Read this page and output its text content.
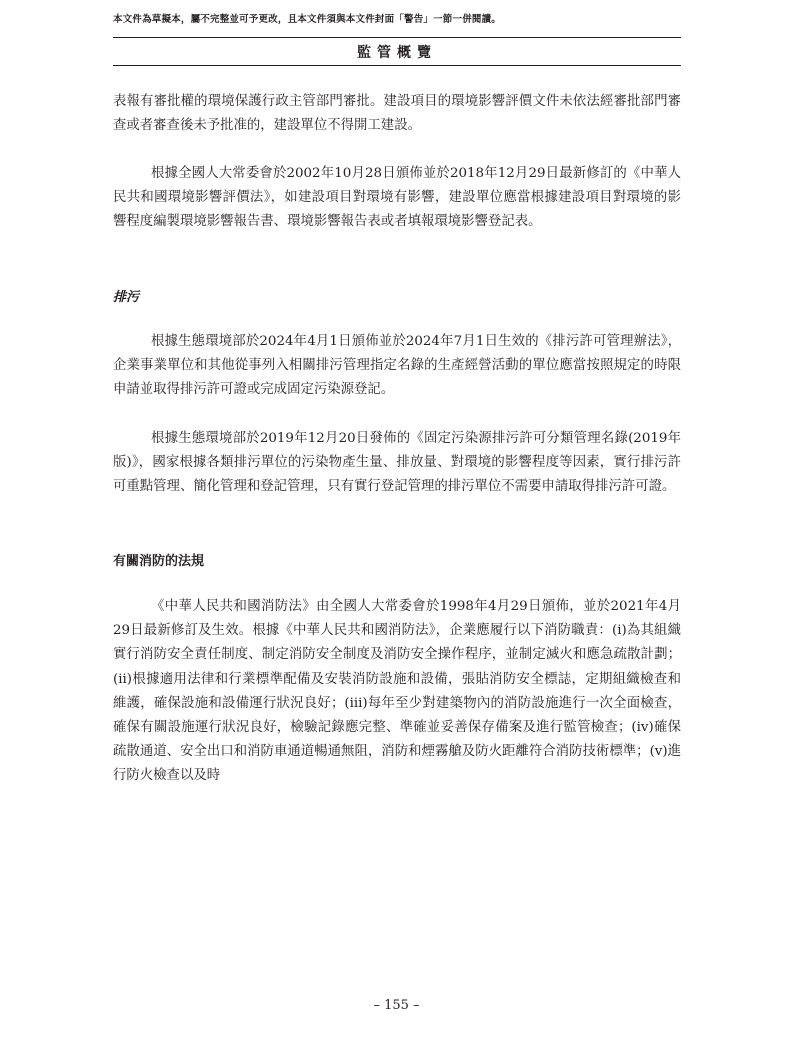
本文件為草擬本，屬不完整並可予更改，且本文件須與本文件封面「警告」一節一併閱讀。
監管概覽
表報有審批權的環境保護行政主管部門審批。建設項目的環境影響評價文件未依法經審批部門審查或者審查後未予批准的，建設單位不得開工建設。
根據全國人大常委會於2002年10月28日頒佈並於2018年12月29日最新修訂的《中華人民共和國環境影響評價法》，如建設項目對環境有影響，建設單位應當根據建設項目對環境的影響程度編製環境影響報告書、環境影響報告表或者填報環境影響登記表。
排污
根據生態環境部於2024年4月1日頒佈並於2024年7月1日生效的《排污許可管理辦法》，企業事業單位和其他從事列入相關排污管理指定名錄的生產經營活動的單位應當按照規定的時限申請並取得排污許可證或完成固定污染源登記。
根據生態環境部於2019年12月20日發佈的《固定污染源排污許可分類管理名錄(2019年版)》，國家根據各類排污單位的污染物產生量、排放量、對環境的影響程度等因素，實行排污許可重點管理、簡化管理和登記管理，只有實行登記管理的排污單位不需要申請取得排污許可證。
有關消防的法規
《中華人民共和國消防法》由全國人大常委會於1998年4月29日頒佈，並於2021年4月29日最新修訂及生效。根據《中華人民共和國消防法》，企業應履行以下消防職責：(i)為其組織實行消防安全責任制度、制定消防安全制度及消防安全操作程序，並制定滅火和應急疏散計劃；(ii)根據適用法律和行業標準配備及安裝消防設施和設備，張貼消防安全標誌，定期組織檢查和維護，確保設施和設備運行狀況良好；(iii)每年至少對建築物內的消防設施進行一次全面檢查，確保有關設施運行狀況良好，檢驗記錄應完整、準確並妥善保存備案及進行監管檢查；(iv)確保疏散通道、安全出口和消防車通道暢通無阻，消防和煙霧艙及防火距離符合消防技術標準；(v)進行防火檢查以及時
– 155 –
